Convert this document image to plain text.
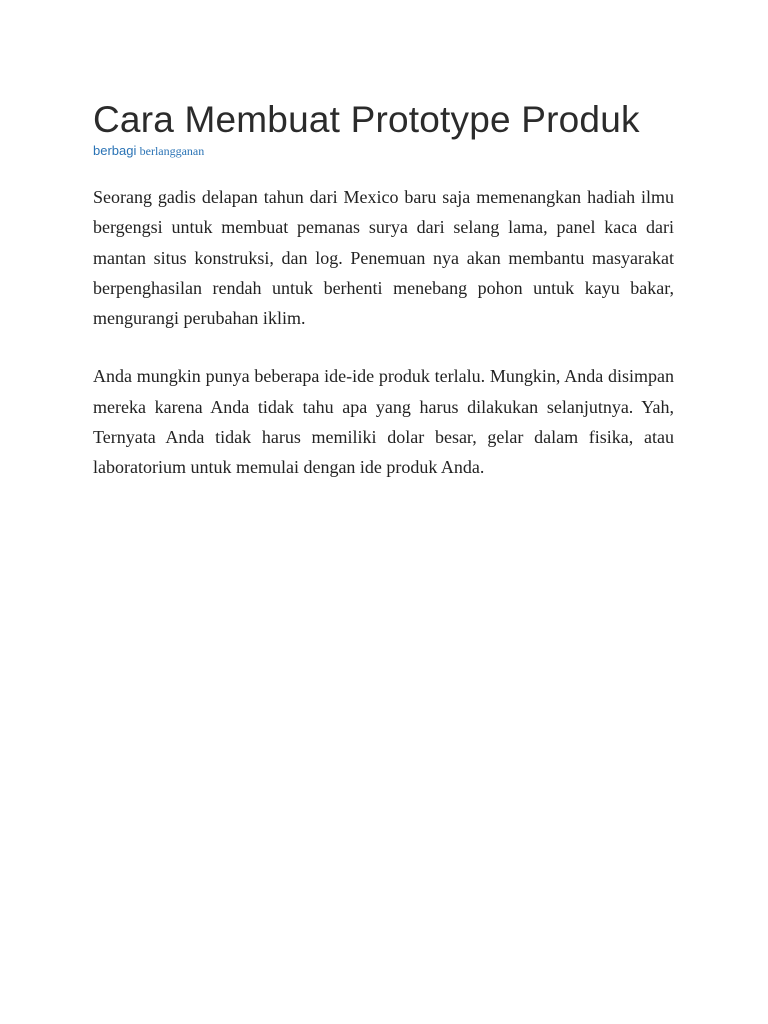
Cara Membuat Prototype Produk
berbagi berlangganan

Seorang gadis delapan tahun dari Mexico baru saja memenangkan hadiah ilmu bergengsi untuk membuat pemanas surya dari selang lama, panel kaca dari mantan situs konstruksi, dan log. Penemuan nya akan membantu masyarakat berpenghasilan rendah untuk berhenti menebang pohon untuk kayu bakar, mengurangi perubahan iklim.

Anda mungkin punya beberapa ide-ide produk terlalu. Mungkin, Anda disimpan mereka karena Anda tidak tahu apa yang harus dilakukan selanjutnya. Yah, Ternyata Anda tidak harus memiliki dolar besar, gelar dalam fisika, atau laboratorium untuk memulai dengan ide produk Anda.
